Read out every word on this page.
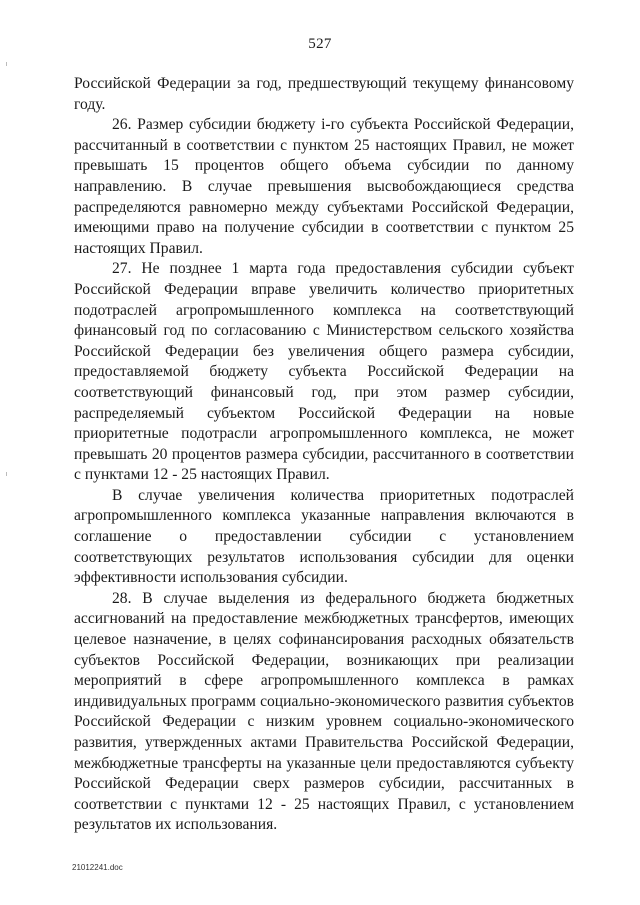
527

Российской Федерации за год, предшествующий текущему финансовому году.

26. Размер субсидии бюджету i-го субъекта Российской Федерации, рассчитанный в соответствии с пунктом 25 настоящих Правил, не может превышать 15 процентов общего объема субсидии по данному направлению. В случае превышения высвобождающиеся средства распределяются равномерно между субъектами Российской Федерации, имеющими право на получение субсидии в соответствии с пунктом 25 настоящих Правил.

27. Не позднее 1 марта года предоставления субсидии субъект Российской Федерации вправе увеличить количество приоритетных подотраслей агропромышленного комплекса на соответствующий финансовый год по согласованию с Министерством сельского хозяйства Российской Федерации без увеличения общего размера субсидии, предоставляемой бюджету субъекта Российской Федерации на соответствующий финансовый год, при этом размер субсидии, распределяемый субъектом Российской Федерации на новые приоритетные подотрасли агропромышленного комплекса, не может превышать 20 процентов размера субсидии, рассчитанного в соответствии с пунктами 12 - 25 настоящих Правил.

В случае увеличения количества приоритетных подотраслей агропромышленного комплекса указанные направления включаются в соглашение о предоставлении субсидии с установлением соответствующих результатов использования субсидии для оценки эффективности использования субсидии.

28. В случае выделения из федерального бюджета бюджетных ассигнований на предоставление межбюджетных трансфертов, имеющих целевое назначение, в целях софинансирования расходных обязательств субъектов Российской Федерации, возникающих при реализации мероприятий в сфере агропромышленного комплекса в рамках индивидуальных программ социально-экономического развития субъектов Российской Федерации с низким уровнем социально-экономического развития, утвержденных актами Правительства Российской Федерации, межбюджетные трансферты на указанные цели предоставляются субъекту Российской Федерации сверх размеров субсидии, рассчитанных в соответствии с пунктами 12 - 25 настоящих Правил, с установлением результатов их использования.

21012241.doc
